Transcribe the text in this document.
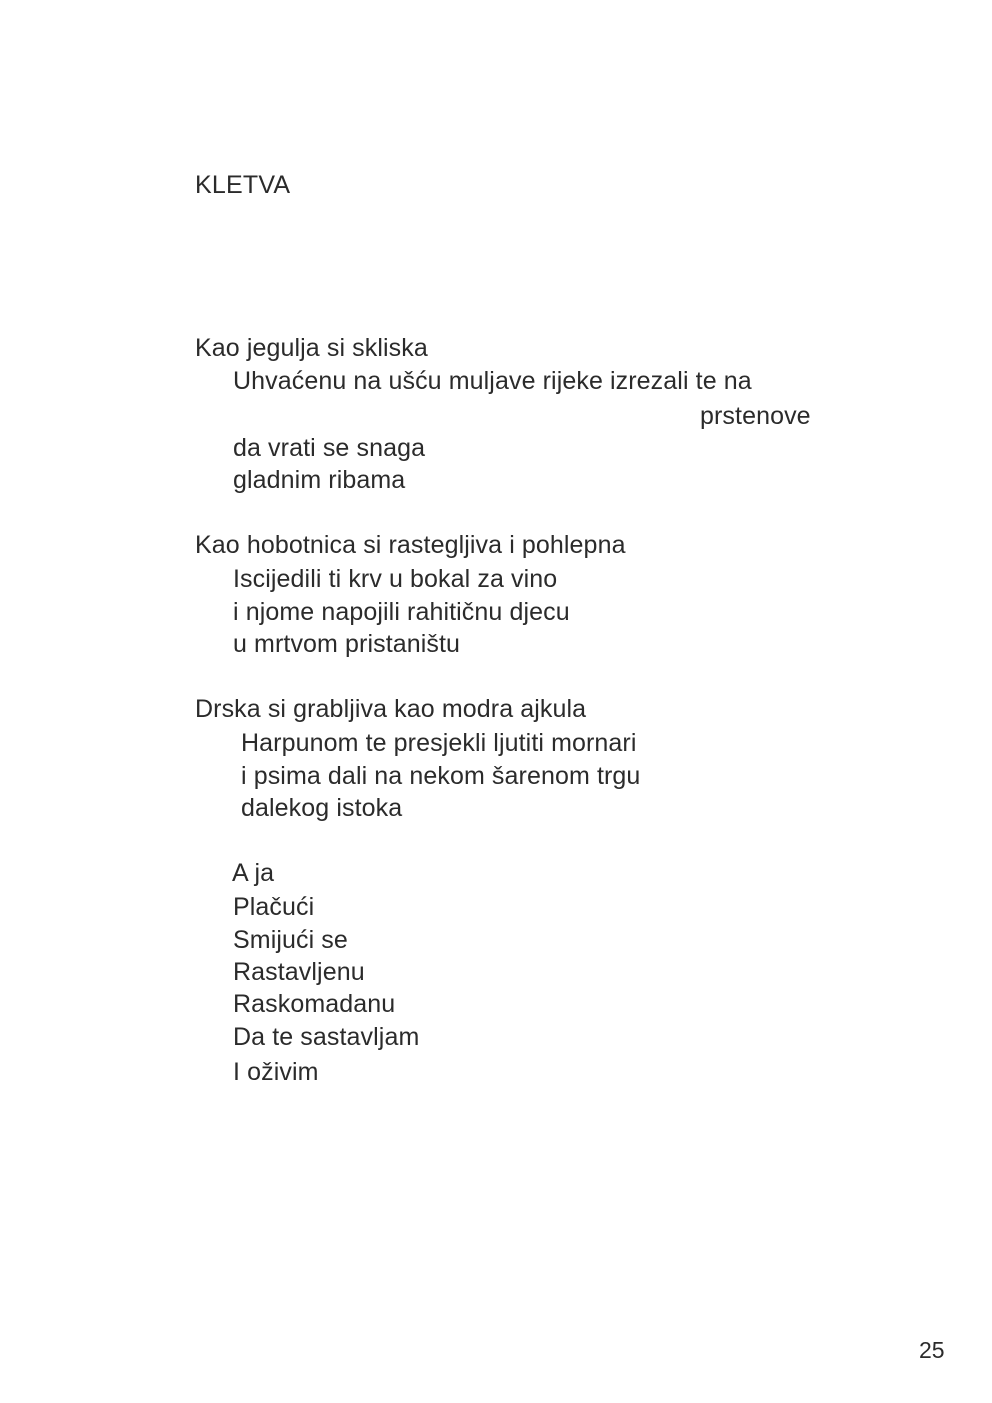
KLETVA
Kao jegulja si skliska
Uhvaćenu na ušću muljave rijeke izrezali te na
prstenove
da vrati se snaga
gladnim ribama
Kao hobotnica si rastegljiva i pohlepna
Iscijedili ti krv u bokal za vino
i njome napojili rahitičnu djecu
u mrtvom pristaništu
Drska si grabljiva kao modra ajkula
Harpunom te presjekli ljutiti mornari
i psima dali na nekom šarenom trgu
dalekog istoka
A ja
Plačući
Smijući se
Rastavljenu
Raskomadanu
Da te sastavljam
I oživim
25
